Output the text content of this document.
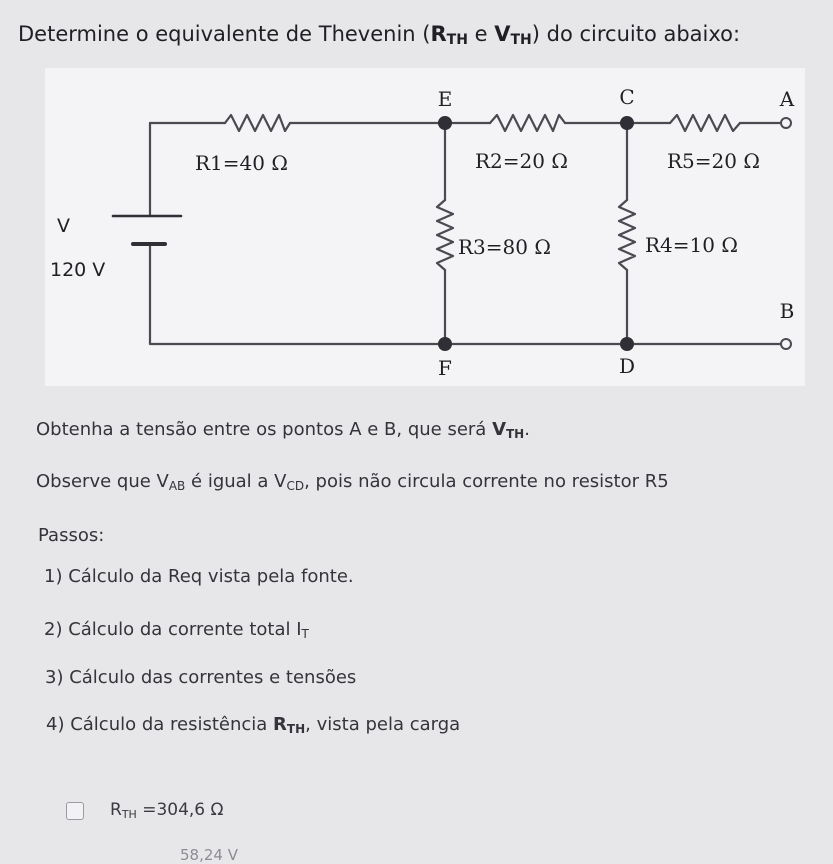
Determine o equivalente de Thevenin ($R_{TH}$ e $V_{TH}$) do circuito abaixo:
E	C	A
B
F	D
R1=40 Ω	R2=20 Ω	R5=20 Ω
R3=80 Ω	R4=10 Ω
V
120 V
Obtenha a tensão entre os pontos A e B, que será $V_{TH}$.
Observe que $V_{AB}$ é igual a $V_{CD}$, pois não circula corrente no resistor R5
Passos:
1) Cálculo da Req vista pela fonte.
2) Cálculo da corrente total $I_T$
3) Cálculo das correntes e tensões
4) Cálculo da resistência $R_{TH}$, vista pela carga
$R_{TH} =304,6$ Ω
58,24 V
